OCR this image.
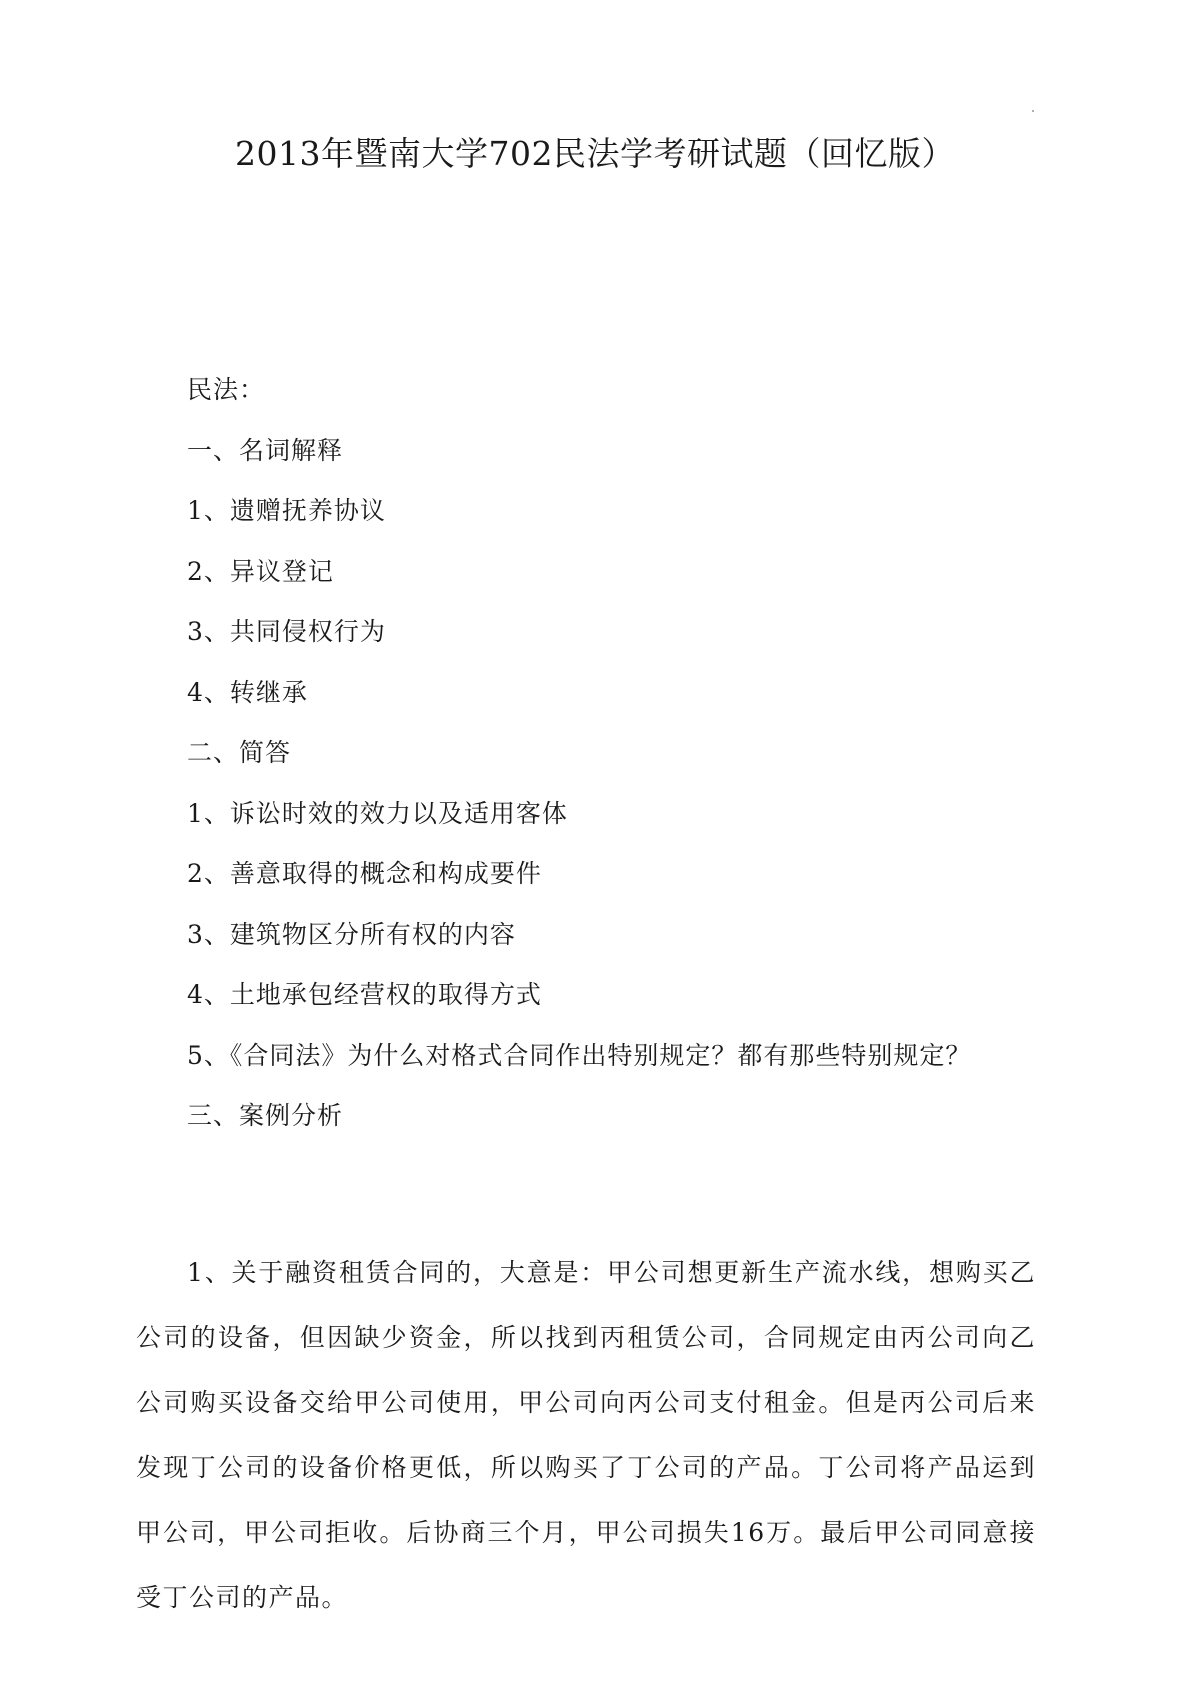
2013年暨南大学702民法学考研试题（回忆版）

民法：

一、名词解释

1、遗赠抚养协议

2、异议登记

3、共同侵权行为

4、转继承

二、简答

1、诉讼时效的效力以及适用客体

2、善意取得的概念和构成要件

3、建筑物区分所有权的内容

4、土地承包经营权的取得方式

5、《合同法》为什么对格式合同作出特别规定？都有那些特别规定？

三、案例分析

1、关于融资租赁合同的，大意是：甲公司想更新生产流水线，想购买乙公司的设备，但因缺少资金，所以找到丙租赁公司，合同规定由丙公司向乙公司购买设备交给甲公司使用，甲公司向丙公司支付租金。但是丙公司后来发现丁公司的设备价格更低，所以购买了丁公司的产品。丁公司将产品运到甲公司，甲公司拒收。后协商三个月，甲公司损失16万。最后甲公司同意接受丁公司的产品。
